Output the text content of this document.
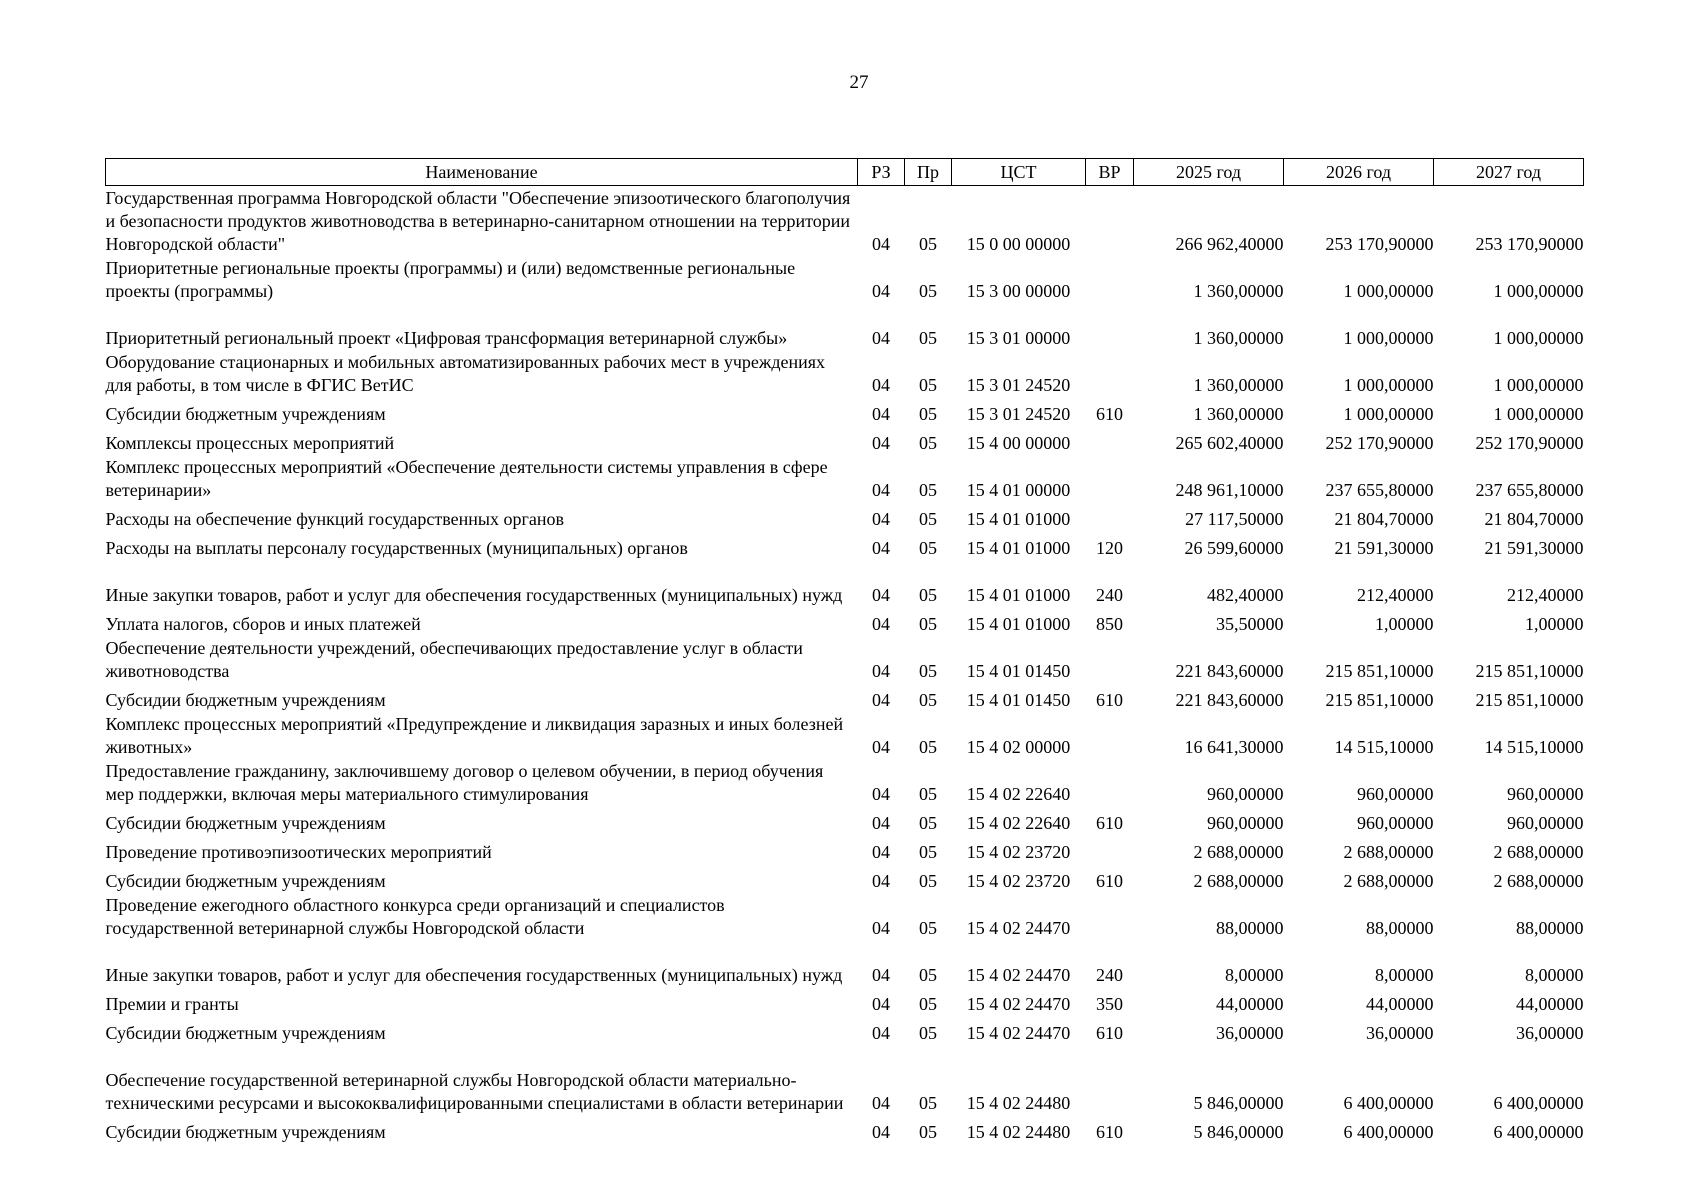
27
Наименование	РЗ	Пр	ЦСТ	ВР	2025 год	2026 год	2027 год
Государственная программа Новгородской области "Обеспечение эпизоотического благополучия и безопасности продуктов животноводства в ветеринарно-санитарном отношении на территории Новгородской области"	04	05	15 0 00 00000		266 962,40000	253 170,90000	253 170,90000
Приоритетные региональные проекты (программы) и (или) ведомственные региональные проекты (программы)	04	05	15 3 00 00000		1 360,00000	1 000,00000	1 000,00000
Приоритетный региональный проект «Цифровая трансформация ветеринарной службы»	04	05	15 3 01 00000		1 360,00000	1 000,00000	1 000,00000
Оборудование стационарных и мобильных автоматизированных рабочих мест в учреждениях для работы, в том числе в ФГИС ВетИС	04	05	15 3 01 24520		1 360,00000	1 000,00000	1 000,00000
Субсидии бюджетным учреждениям	04	05	15 3 01 24520	610	1 360,00000	1 000,00000	1 000,00000
Комплексы процессных мероприятий	04	05	15 4 00 00000		265 602,40000	252 170,90000	252 170,90000
Комплекс процессных мероприятий «Обеспечение деятельности системы управления в сфере ветеринарии»	04	05	15 4 01 00000		248 961,10000	237 655,80000	237 655,80000
Расходы на обеспечение функций государственных органов	04	05	15 4 01 01000		27 117,50000	21 804,70000	21 804,70000
Расходы на выплаты персоналу государственных (муниципальных) органов	04	05	15 4 01 01000	120	26 599,60000	21 591,30000	21 591,30000
Иные закупки товаров, работ и услуг для обеспечения государственных (муниципальных) нужд	04	05	15 4 01 01000	240	482,40000	212,40000	212,40000
Уплата налогов, сборов и иных платежей	04	05	15 4 01 01000	850	35,50000	1,00000	1,00000
Обеспечение деятельности учреждений, обеспечивающих предоставление услуг в области животноводства	04	05	15 4 01 01450		221 843,60000	215 851,10000	215 851,10000
Субсидии бюджетным учреждениям	04	05	15 4 01 01450	610	221 843,60000	215 851,10000	215 851,10000
Комплекс процессных мероприятий «Предупреждение и ликвидация заразных и иных болезней животных»	04	05	15 4 02 00000		16 641,30000	14 515,10000	14 515,10000
Предоставление гражданину, заключившему договор о целевом обучении, в период обучения мер поддержки, включая меры материального стимулирования	04	05	15 4 02 22640		960,00000	960,00000	960,00000
Субсидии бюджетным учреждениям	04	05	15 4 02 22640	610	960,00000	960,00000	960,00000
Проведение противоэпизоотических мероприятий	04	05	15 4 02 23720		2 688,00000	2 688,00000	2 688,00000
Субсидии бюджетным учреждениям	04	05	15 4 02 23720	610	2 688,00000	2 688,00000	2 688,00000
Проведение ежегодного областного конкурса среди организаций и специалистов государственной ветеринарной службы Новгородской области	04	05	15 4 02 24470		88,00000	88,00000	88,00000
Иные закупки товаров, работ и услуг для обеспечения государственных (муниципальных) нужд	04	05	15 4 02 24470	240	8,00000	8,00000	8,00000
Премии и гранты	04	05	15 4 02 24470	350	44,00000	44,00000	44,00000
Субсидии бюджетным учреждениям	04	05	15 4 02 24470	610	36,00000	36,00000	36,00000
Обеспечение государственной ветеринарной службы Новгородской области материально-техническими ресурсами и высококвалифицированными специалистами в области ветеринарии	04	05	15 4 02 24480		5 846,00000	6 400,00000	6 400,00000
Субсидии бюджетным учреждениям	04	05	15 4 02 24480	610	5 846,00000	6 400,00000	6 400,00000
